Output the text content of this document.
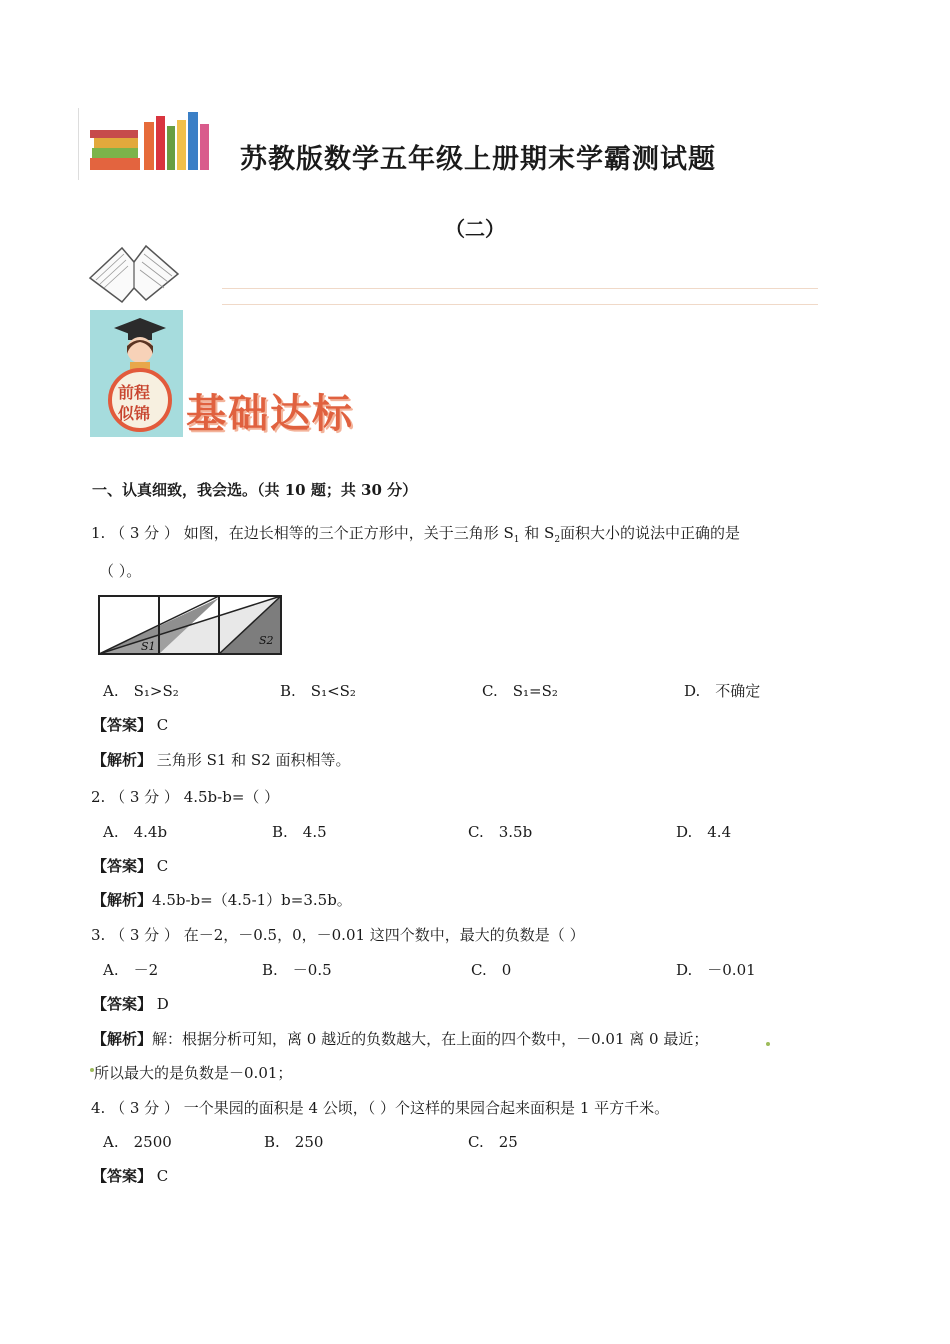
苏教版数学五年级上册期末学霸测试题
（二）
前程
似锦 基础达标
一、认真细致，我会选。（共 10 题；共 30 分）
1. （ 3 分 ） 如图，在边长相等的三个正方形中，关于三角形 $S_1$ 和 $S_2$面积大小的说法中正确的是
（ ）。
S1	S2
A.　S₁>S₂	B.　S₁<S₂	C.　S₁=S₂	D.　不确定
【答案】 C
【解析】 三角形 S1 和 S2 面积相等。
2. （ 3 分 ） 4.5b-b=（ ）
A.　4.4b	B.　4.5	C.　3.5b	D.　4.4
【答案】 C
【解析】4.5b-b=（4.5-1）b=3.5b。
3. （ 3 分 ） 在－2，－0.5，0，－0.01 这四个数中，最大的负数是（ ）
A.　－2	B.　－0.5	C.　0	D.　－0.01
【答案】 D
【解析】解：根据分析可知，离 0 越近的负数越大，在上面的四个数中，－0.01 离 0 最近；
所以最大的是负数是－0.01；
4. （ 3 分 ） 一个果园的面积是 4 公顷，（ ）个这样的果园合起来面积是 1 平方千米。
A.　2500	B.　250	C.　25
【答案】 C
